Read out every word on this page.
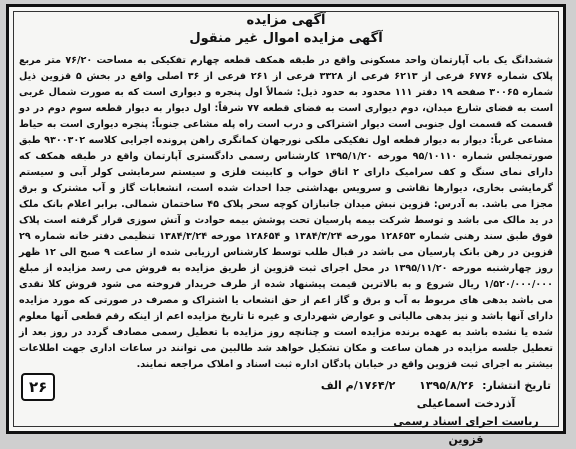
آگهی مزایده
آگهی مزایده اموال غیر منقول
ششدانگ یک باب آپارتمان واحد مسکونی واقع در طبقه همکف قطعه چهارم تفکیکی به مساحت ۷۶/۲۰ متر مربع پلاک شماره ۶۷۷۶ فرعی از ۶۲۱۳ فرعی از ۳۳۲۸ فرعی از ۲۶۱ فرعی از ۳۶ اصلی واقع در بخش ۵ قزوین ذیل شماره ۳۰۰۶۵ صفحه ۱۹ دفتر ۱۱۱ محدود به حدود ذیل: شمالاً اول پنجره و دیواری است که به صورت شمال غربی است به فضای شارع میدان، دوم دیواری است به فضای قطعه ۷۷ شرقاً: اول دیوار به دیوار قطعه سوم دوم در دو قسمت که قسمت اول جنوبی است دیوار اشتراکی و درب است راه پله مشاعی جنوباً: پنجره دیواری است به حیاط مشاعی غرباً: دیوار به دیوار قطعه اول تفکیکی ملکی نورجهان کمانگری راهن پرونده اجرایی کلاسه ۹۳۰۰۳۰۲ طبق صورتمجلس شماره ۹۵/۱۰۱۱۰ مورخه ۱۳۹۵/۱/۲۰ کارشناس رسمی دادگستری آپارتمان واقع در طبقه همکف که دارای نمای سنگ و کف سرامیک دارای ۲ اتاق خواب و کابینت فلزی و سیستم سرمایشی کولر آبی و سیستم گرمایشی بخاری، دیوارها نقاشی و سرویس بهداشتی جدا احداث شده است، انشعابات گاز و آب مشترک و برق مجزا می باشد. به آدرس: قزوین نبش میدان جانبازان کوچه سحر پلاک ۴۵ ساختمان شمالی. برابر اعلام بانک ملک در ید مالک می باشد و توسط شرکت بیمه پارسیان تحت پوشش بیمه حوادث و آتش سوزی قرار گرفته است پلاک فوق طبق سند رهنی شماره ۱۲۸۶۵۳ مورخه ۱۳۸۴/۳/۲۴ و ۱۲۸۶۵۴ مورخه ۱۳۸۴/۳/۲۴ تنظیمی دفتر خانه شماره ۲۹ قزوین در رهن بانک پارسیان می باشد در قبال طلب توسط کارشناس ارزیابی شده از ساعت ۹ صبح الی ۱۲ ظهر روز چهارشنبه مورخه ۱۳۹۵/۱۱/۲۰ در محل اجرای ثبت قزوین از طریق مزایده به فروش می رسد مزایده از مبلغ ۱/۵۲۰/۰۰۰/۰۰۰ ریال شروع و به بالاترین قیمت پیشنهاد شده از طرف خریدار فروخته می شود فروش کلا نقدی می باشد بدهی های مربوط به آب و برق و گاز اعم از حق انشعاب یا اشتراک و مصرف در صورتی که مورد مزایده دارای آنها باشد و نیز بدهی مالیاتی و عوارض شهرداری و غیره تا تاریخ مزایده اعم از اینکه رقم قطعی آنها معلوم شده یا نشده باشد به عهده برنده مزایده است و چنانچه روز مزایده با تعطیل رسمی مصادف گردد در روز بعد از تعطیل جلسه مزایده در همان ساعت و مکان تشکیل خواهد شد طالبین می توانند در ساعات اداری جهت اطلاعات بیشتر به اجرای ثبت قزوین واقع در خیابان پادگان اداره ثبت اسناد و املاک مراجعه نمایند.
تاریخ انتشار: ۱۳۹۵/۸/۲۶ ۱۷۶۴/۲/م الف
۲۶
آذردخت اسماعیلی
ریاست اجرای اسناد رسمی قزوین
